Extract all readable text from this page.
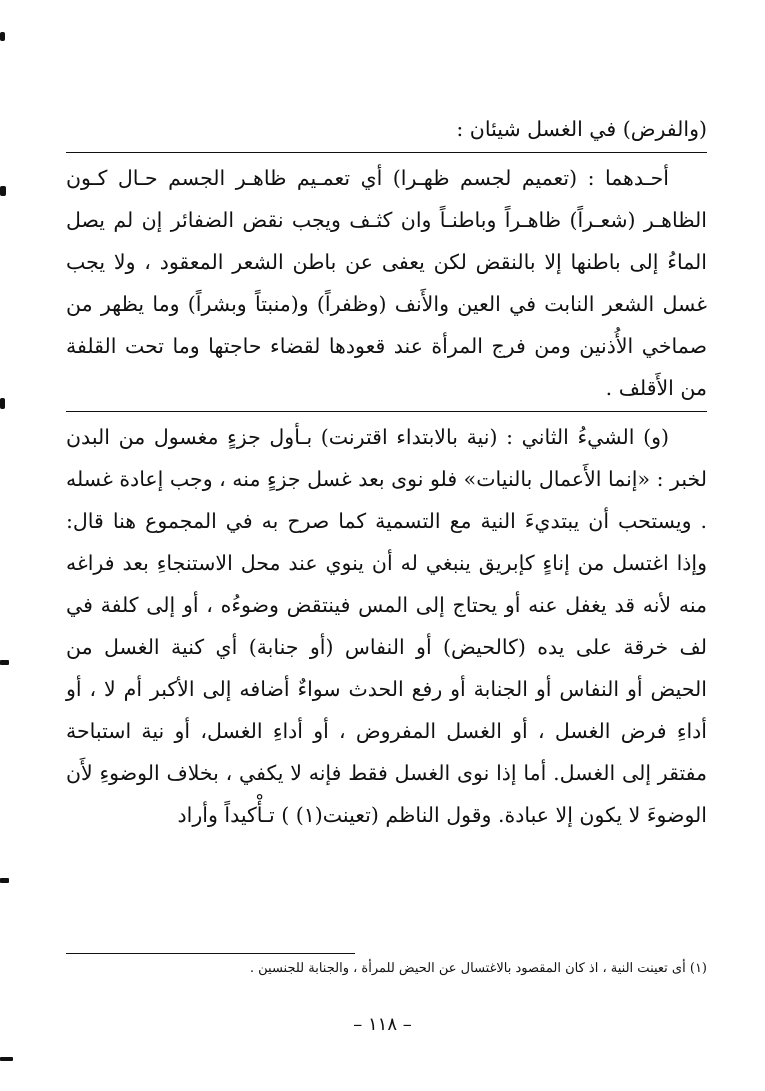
(والفرض) في الغسل شيئان :

أحـدهما : (تعميم لجسم ظهـرا) أي تعمـيم ظاهـر الجسم حـال كـون الظاهـر (شعـراً) ظاهـراً وباطنـاً وان كثـف ويجب نقض الضفائر إن لم يصل الماءُ إلى باطنها إلا بالنقض لكن يعفى عن باطن الشعر المعقود ، ولا يجب غسل الشعر النابت في العين والأَنف (وظفراً) و(منبتاً وبشراً) وما يظهر من صماخي الأُذنين ومن فرج المرأة عند قعودها لقضاء حاجتها وما تحت القلفة من الأَقلف .

(و) الشيءُ الثاني : (نية بالابتداء اقترنت) بـأول جزءٍ مغسول من البدن لخبر : «إنما الأَعمال بالنيات» فلو نوى بعد غسل جزءٍ منه ، وجب إعادة غسله . ويستحب أن يبتديءَ النية مع التسمية كما صرح به في المجموع هنا قال: وإذا اغتسل من إناءٍ كإبريق ينبغي له أن ينوي عند محل الاستنجاءِ بعد فراغه منه لأنه قد يغفل عنه أو يحتاج إلى المس فينتقض وضوءُه ، أو إلى كلفة في لف خرقة على يده (كالحيض) أو النفاس (أو جنابة) أي كنية الغسل من الحيض أو النفاس أو الجنابة أو رفع الحدث سواءٌ أضافه إلى الأكبر أم لا ، أو أداءِ فرض الغسل ، أو الغسل المفروض ، أو أداءِ الغسل، أو نية استباحة مفتقر إلى الغسل. أما إذا نوى الغسل فقط فإنه لا يكفي ، بخلاف الوضوءِ لأَن الوضوءَ لا يكون إلا عبادة. وقول الناظم (تعينت(١) ) تـأْكيداً وأراد

(١) أى تعينت النية ، اذ كان المقصود بالاغتسال عن الحيض للمرأة ، والجنابة للجنسين .
– ١١٨ –
